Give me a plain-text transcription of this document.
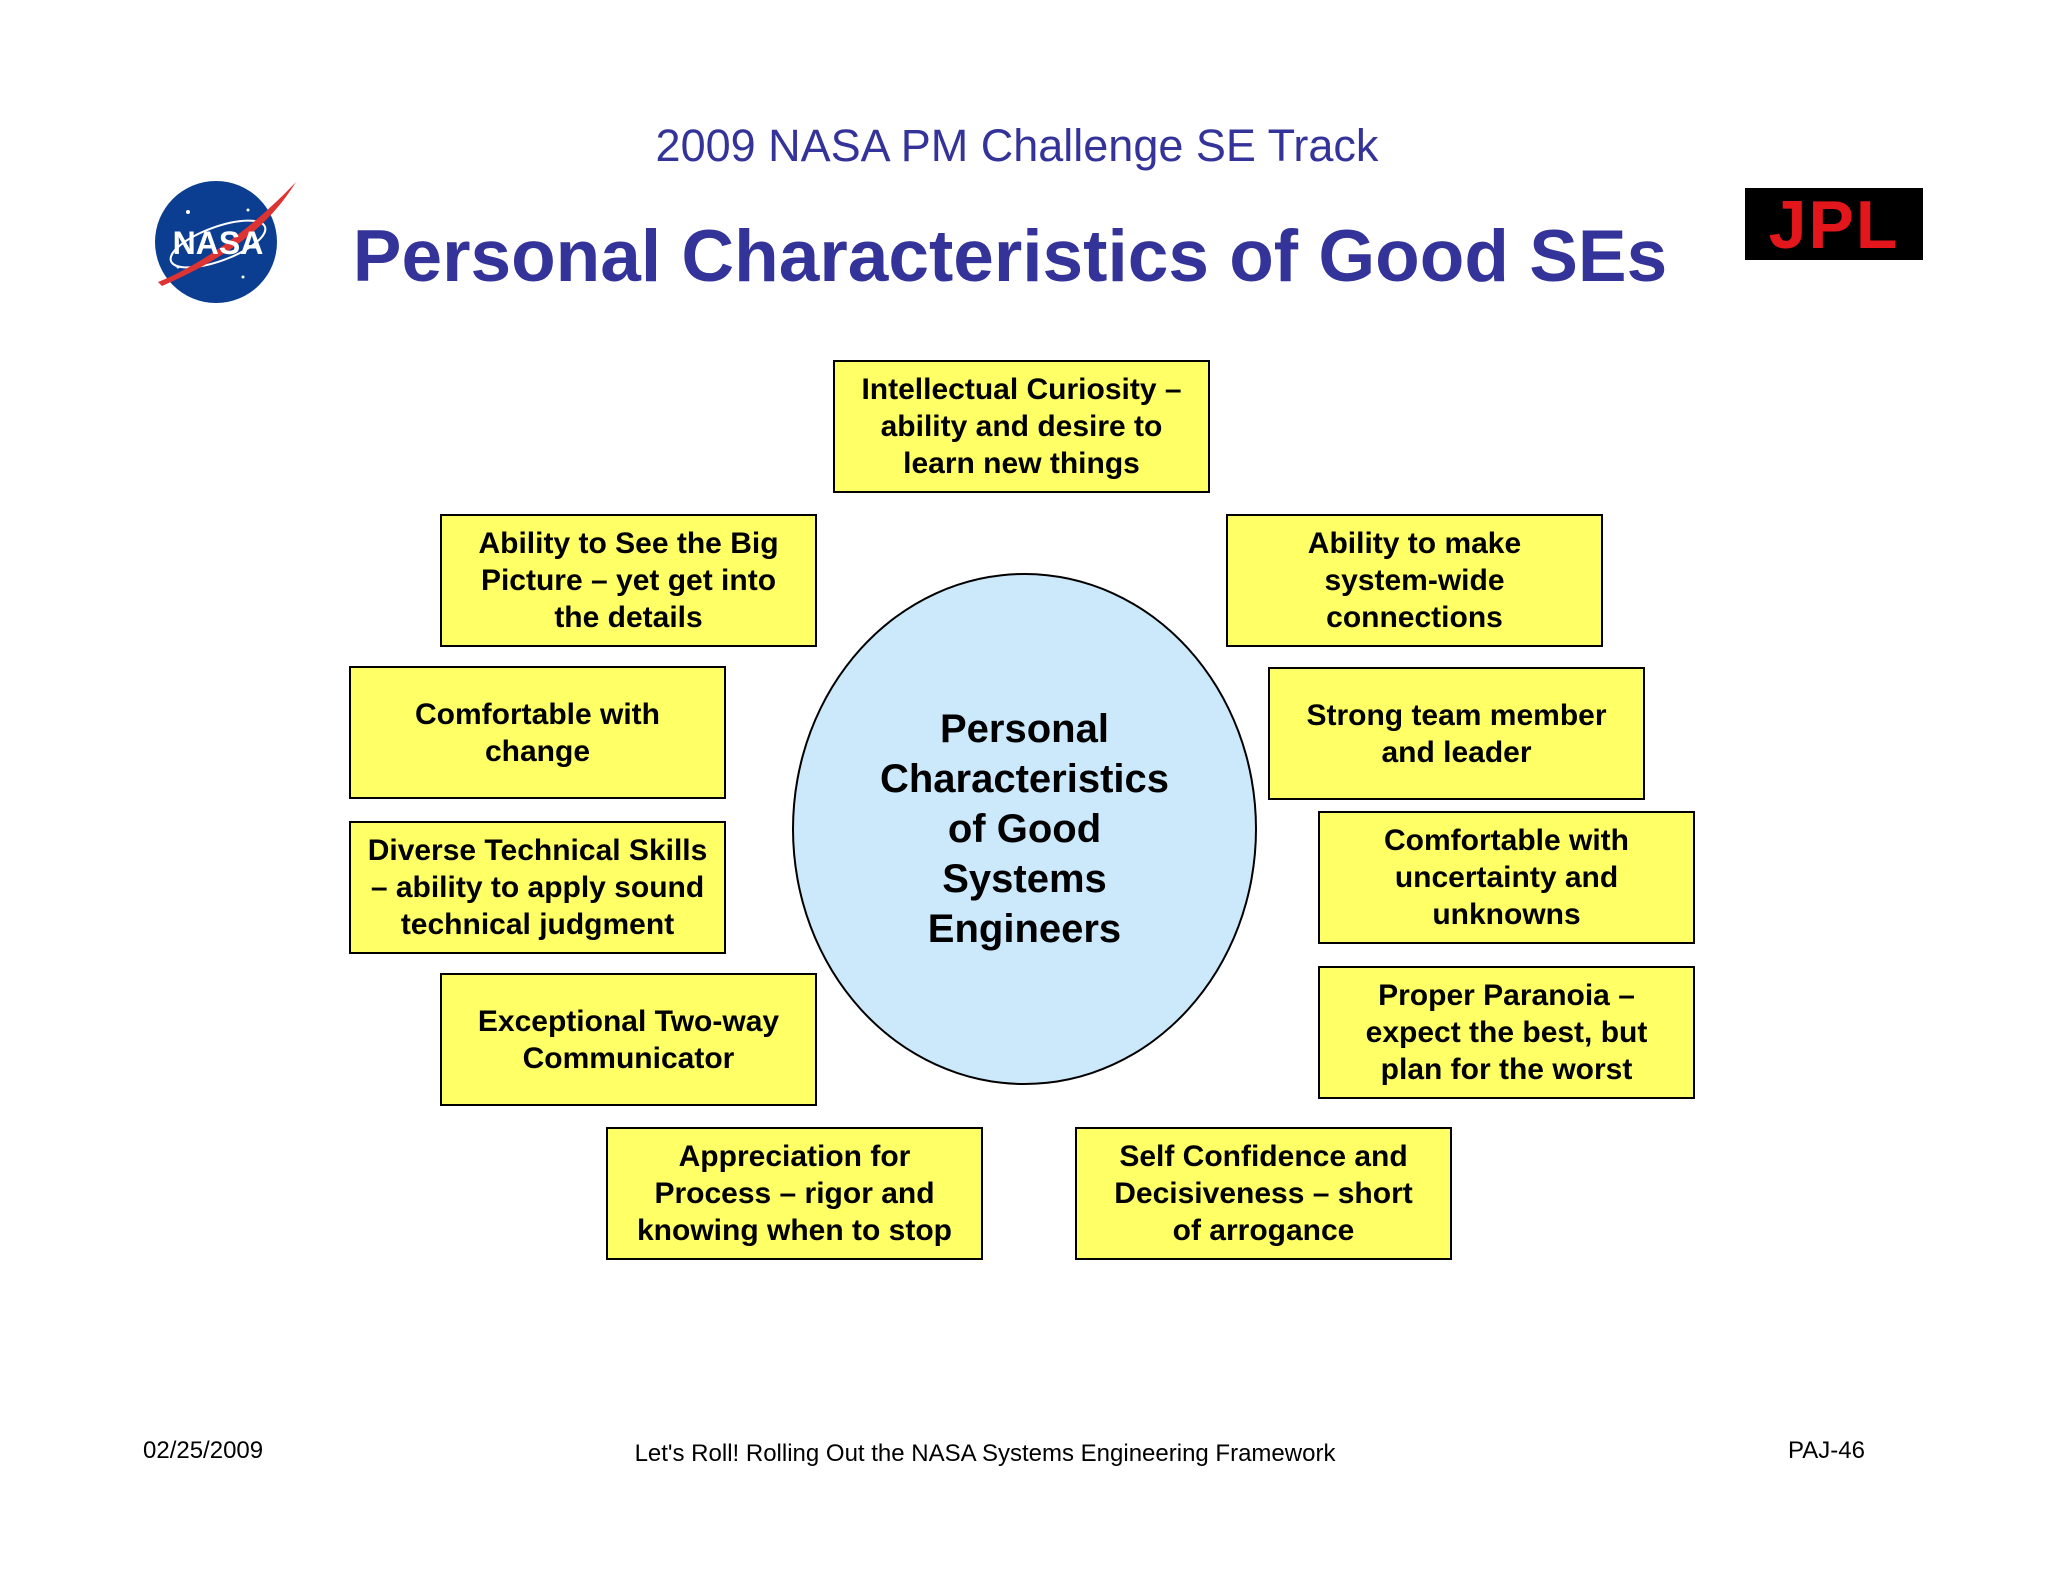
NASA	JPL
2009 NASA PM Challenge SE Track
Personal Characteristics of Good SEs
Personal
Characteristics
of Good
Systems
Engineers
Intellectual Curiosity –
ability and desire to
learn new things
Ability to See the Big
Picture – yet get into
the details
Ability to make
system-wide
connections
Comfortable with
change
Strong team member
and leader
Diverse Technical Skills
– ability to apply sound
technical judgment
Comfortable with
uncertainty and
unknowns
Exceptional Two-way
Communicator
Proper Paranoia –
expect the best, but
plan for the worst
Appreciation for
Process – rigor and
knowing when to stop
Self Confidence and
Decisiveness – short
of arrogance
02/25/2009	Let's Roll! Rolling Out the NASA Systems Engineering Framework	PAJ-46
